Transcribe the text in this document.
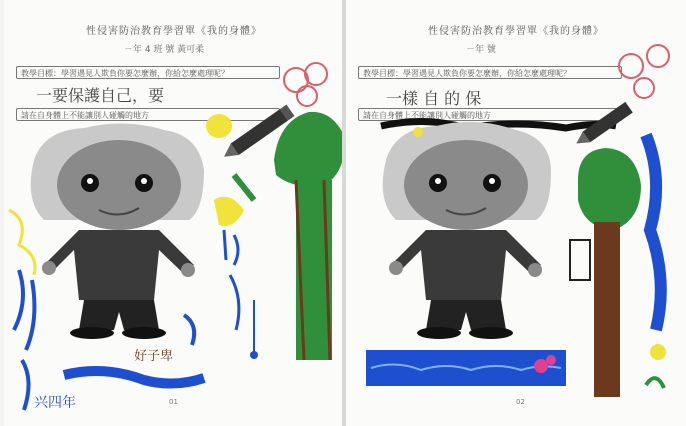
性侵害防治教育學習單《我的身體》
ㄧ年 4 班 號 黃可柔
教學目標：學習遇見人欺負你要怎麼辦，你給怎麼處理呢？
一要保護自己，要
請在自身體上不能讓別人碰觸的地方
01
好子卑
兴四年
性侵害防治教育學習單《我的身體》
ㄧ年 號
教學目標：學習遇見人欺負你要怎麼辦，你給怎麼處理呢？
一樣 自 的 保
請在自身體上不能讓別人碰觸的地方
02
